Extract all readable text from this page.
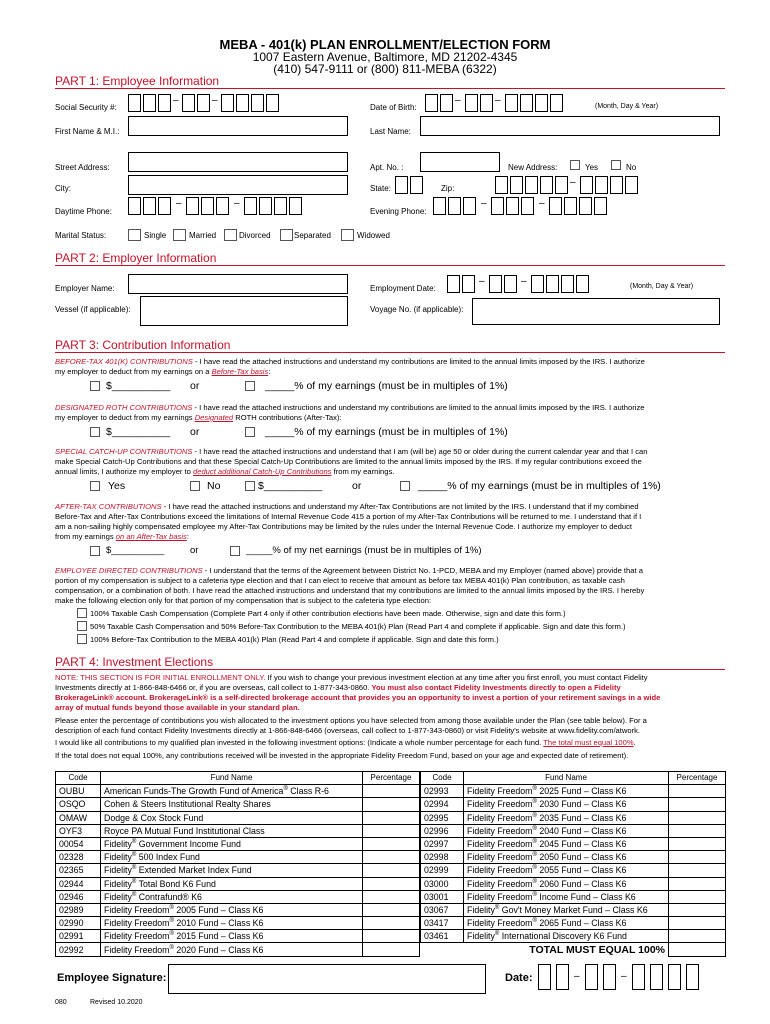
MEBA - 401(k) PLAN ENROLLMENT/ELECTION FORM
1007 Eastern Avenue, Baltimore, MD 21202-4345
(410) 547-9111 or (800) 811-MEBA (6322)
PART 1: Employee Information
Social Security #:
–	–
Date of Birth:
–	–
(Month, Day & Year)
First Name & M.I.:	Last Name:
Street Address:	Apt. No. :	New Address:	Yes	No
City:	State:	Zip:
–
Daytime Phone:
–	–
Evening Phone:
–	–
Marital Status:	Single	Married	Divorced	Separated	Widowed
PART 2: Employer Information
Employer Name:	Employment Date:
–	–	(Month, Day & Year)
Vessel (if applicable):	Voyage No. (if applicable):
PART 3: Contribution Information
BEFORE-TAX 401(K) CONTRIBUTIONS - I have read the attached instructions and understand my contributions are limited to the annual limits imposed by the IRS. I authorize
my employer to deduct from my earnings on a Before-Tax basis:
$__________ or	_____% of my earnings (must be in multiples of 1%)
DESIGNATED ROTH CONTRIBUTIONS - I have read the attached instructions and understand my contributions are limited to the annual limits imposed by the IRS. I authorize
my employer to deduct from my earnings Designated ROTH contributions (After-Tax):
$__________ or	_____% of my earnings (must be in multiples of 1%)
SPECIAL CATCH-UP CONTRIBUTIONS - I have read the attached instructions and understand that I am (will be) age 50 or older during the current calendar year and that I can
make Special Catch-Up Contributions and that these Special Catch-Up Contributions are limited to the annual limits imposed by the IRS. If my regular contributions exceed the
annual limits, I authorize my employer to deduct additional Catch-Up Contributions from my earnings.
Yes	No	$__________	or	_____% of my earnings (must be in multiples of 1%)
AFTER-TAX CONTRIBUTIONS - I have read the attached instructions and understand my After-Tax Contributions are not limited by the IRS. I understand that if my combined
Before-Tax and After-Tax Contributions exceed the limitations of Internal Revenue Code 415 a portion of my After-Tax Contributions will be returned to me. I understand that if I
am a non-sailing highly compensated employee my After-Tax Contributions may be limited by the rules under the Internal Revenue Code. I authorize my employer to deduct
from my earnings on an After-Tax basis:
$__________	or	_____% of my net earnings (must be in multiples of 1%)
EMPLOYEE DIRECTED CONTRIBUTIONS - I understand that the terms of the Agreement between District No. 1-PCD, MEBA and my Employer (named above) provide that a
portion of my compensation is subject to a cafeteria type election and that I can elect to receive that amount as before tax MEBA 401(k) Plan contribution, as taxable cash
compensation, or a combination of both. I have read the attached instructions and understand that my contributions are limited to the annual limits imposed by the IRS. I hereby
make the following election only for that portion of my compensation that is subject to the cafeteria type election:
100% Taxable Cash Compensation (Complete Part 4 only if other contribution elections have been made. Otherwise, sign and date this form.)
50% Taxable Cash Compensation and 50% Before-Tax Contribution to the MEBA 401(k) Plan (Read Part 4 and complete if applicable. Sign and date this form.)
100% Before-Tax Contribution to the MEBA 401(k) Plan (Read Part 4 and complete if applicable. Sign and date this form.)
PART 4: Investment Elections
NOTE: THIS SECTION IS FOR INITIAL ENROLLMENT ONLY. If you wish to change your previous investment election at any time after you first enroll, you must contact Fidelity
Investments directly at 1-866-848-6466 or, if you are overseas, call collect to 1-877-343-0860. You must also contact Fidelity Investments directly to open a Fidelity
BrokerageLink® account. BrokerageLink® is a self-directed brokerage account that provides you an opportunity to invest a portion of your retirement savings in a wide
array of mutual funds beyond those available in your standard plan.
Please enter the percentage of contributions you wish allocated to the investment options you have selected from among those available under the Plan (see table below). For a
description of each fund contact Fidelity Investments directly at 1-866-848-6466 (overseas, call collect to 1-877-343-0860) or visit Fidelity's website at www.fidelity.com/atwork.
I would like all contributions to my qualified plan invested in the following investment options: (Indicate a whole number percentage for each fund. The total must equal 100%.
If the total does not equal 100%, any contributions received will be invested in the appropriate Fidelity Freedom Fund, based on your age and expected date of retirement).
Code	Fund Name	Percentage
OUBU	American Funds-The Growth Fund of America® Class R-6	
OSQO	Cohen & Steers Institutional Realty Shares	
OMAW	Dodge & Cox Stock Fund	
OYF3	Royce PA Mutual Fund Institutional Class	
00054	Fidelity® Government Income Fund	
02328	Fidelity® 500 Index Fund	
02365	Fidelity® Extended Market Index Fund	
02944	Fidelity® Total Bond K6 Fund	
02946	Fidelity® Contrafund® K6	
02989	Fidelity Freedom® 2005 Fund – Class K6	
02990	Fidelity Freedom® 2010 Fund – Class K6	
02991	Fidelity Freedom® 2015 Fund – Class K6	
02992	Fidelity Freedom® 2020 Fund – Class K6	
Code	Fund Name	Percentage
02993	Fidelity Freedom® 2025 Fund – Class K6	
02994	Fidelity Freedom® 2030 Fund – Class K6	
02995	Fidelity Freedom® 2035 Fund – Class K6	
02996	Fidelity Freedom® 2040 Fund – Class K6	
02997	Fidelity Freedom® 2045 Fund – Class K6	
02998	Fidelity Freedom® 2050 Fund – Class K6	
02999	Fidelity Freedom® 2055 Fund – Class K6	
03000	Fidelity Freedom® 2060 Fund – Class K6	
03001	Fidelity Freedom® Income Fund – Class K6	
03067	Fidelity® Gov't Money Market Fund – Class K6	
03417	Fidelity Freedom® 2065 Fund – Class K6	
03461	Fidelity® International Discovery K6 Fund	
TOTAL MUST EQUAL 100%		
Employee Signature:	Date:	–	–
080	Revised 10.2020
